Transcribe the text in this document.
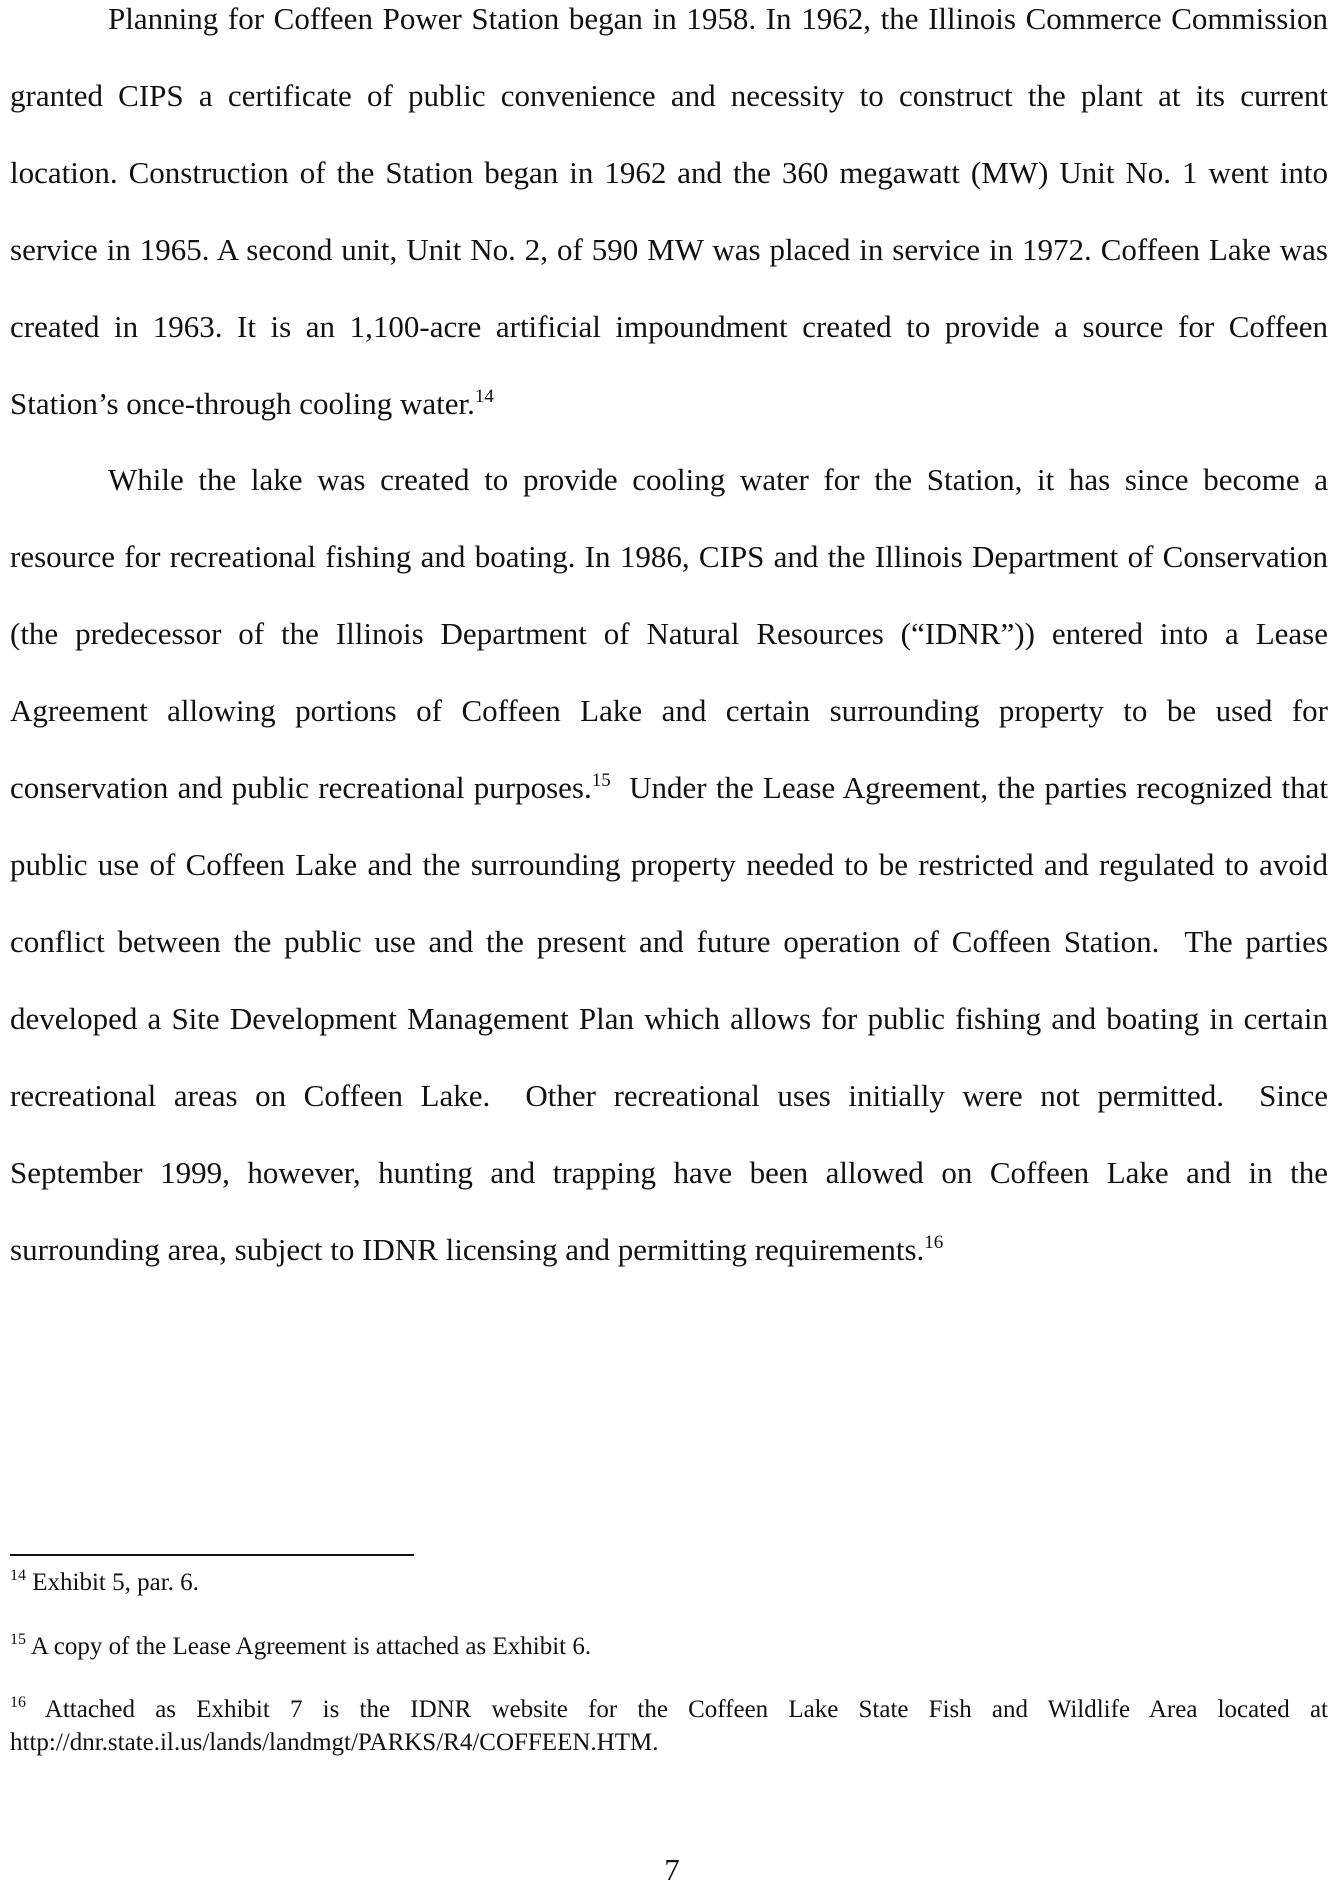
Planning for Coffeen Power Station began in 1958. In 1962, the Illinois Commerce Commission granted CIPS a certificate of public convenience and necessity to construct the plant at its current location. Construction of the Station began in 1962 and the 360 megawatt (MW) Unit No. 1 went into service in 1965. A second unit, Unit No. 2, of 590 MW was placed in service in 1972. Coffeen Lake was created in 1963. It is an 1,100-acre artificial impoundment created to provide a source for Coffeen Station’s once-through cooling water.$^{14}$

While the lake was created to provide cooling water for the Station, it has since become a resource for recreational fishing and boating. In 1986, CIPS and the Illinois Department of Conservation (the predecessor of the Illinois Department of Natural Resources (“IDNR”)) entered into a Lease Agreement allowing portions of Coffeen Lake and certain surrounding property to be used for conservation and public recreational purposes.$^{15}$  Under the Lease Agreement, the parties recognized that public use of Coffeen Lake and the surrounding property needed to be restricted and regulated to avoid conflict between the public use and the present and future operation of Coffeen Station.  The parties developed a Site Development Management Plan which allows for public fishing and boating in certain recreational areas on Coffeen Lake.  Other recreational uses initially were not permitted.  Since September 1999, however, hunting and trapping have been allowed on Coffeen Lake and in the surrounding area, subject to IDNR licensing and permitting requirements.$^{16}$

$^{14}$ Exhibit 5, par. 6.

$^{15}$ A copy of the Lease Agreement is attached as Exhibit 6.

$^{16}$ Attached as Exhibit 7 is the IDNR website for the Coffeen Lake State Fish and Wildlife Area located at http://dnr.state.il.us/lands/landmgt/PARKS/R4/COFFEEN.HTM.

7
